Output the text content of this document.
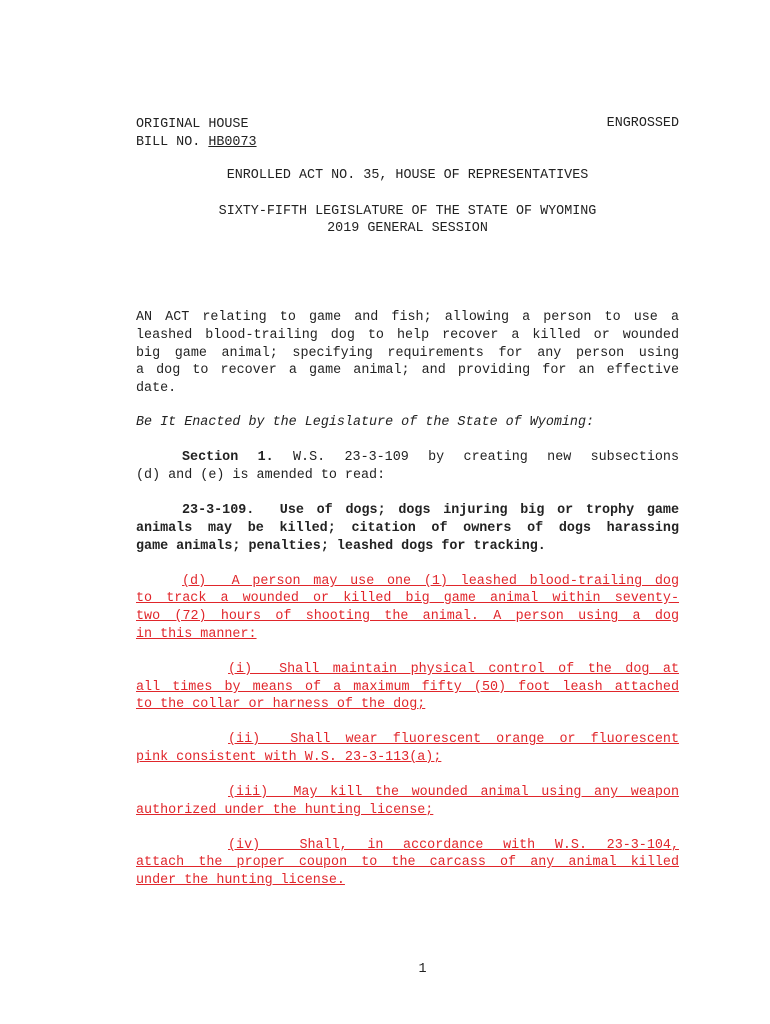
ORIGINAL HOUSE	ENGROSSED
BILL NO. HB0073
ENROLLED ACT NO. 35, HOUSE OF REPRESENTATIVES
SIXTY-FIFTH LEGISLATURE OF THE STATE OF WYOMING
2019 GENERAL SESSION
AN ACT relating to game and fish; allowing a person to use a
leashed blood-trailing dog to help recover a killed or wounded
big game animal; specifying requirements for any person using
a dog to recover a game animal; and providing for an effective
date.
Be It Enacted by the Legislature of the State of Wyoming:
Section 1. W.S. 23-3-109 by creating new subsections
(d) and (e) is amended to read:
23-3-109.  Use of dogs; dogs injuring big or trophy game
animals may be killed; citation of owners of dogs harassing
game animals; penalties; leashed dogs for tracking.
(d)  A person may use one (1) leashed blood-trailing dog
to track a wounded or killed big game animal within seventy-
two (72) hours of shooting the animal. A person using a dog
in this manner:
(i)  Shall maintain physical control of the dog at
all times by means of a maximum fifty (50) foot leash attached
to the collar or harness of the dog;
(ii)  Shall wear fluorescent orange or fluorescent
pink consistent with W.S. 23-3-113(a);
(iii)  May kill the wounded animal using any weapon
authorized under the hunting license;
(iv)  Shall, in accordance with W.S. 23-3-104,
attach the proper coupon to the carcass of any animal killed
under the hunting license.
1
